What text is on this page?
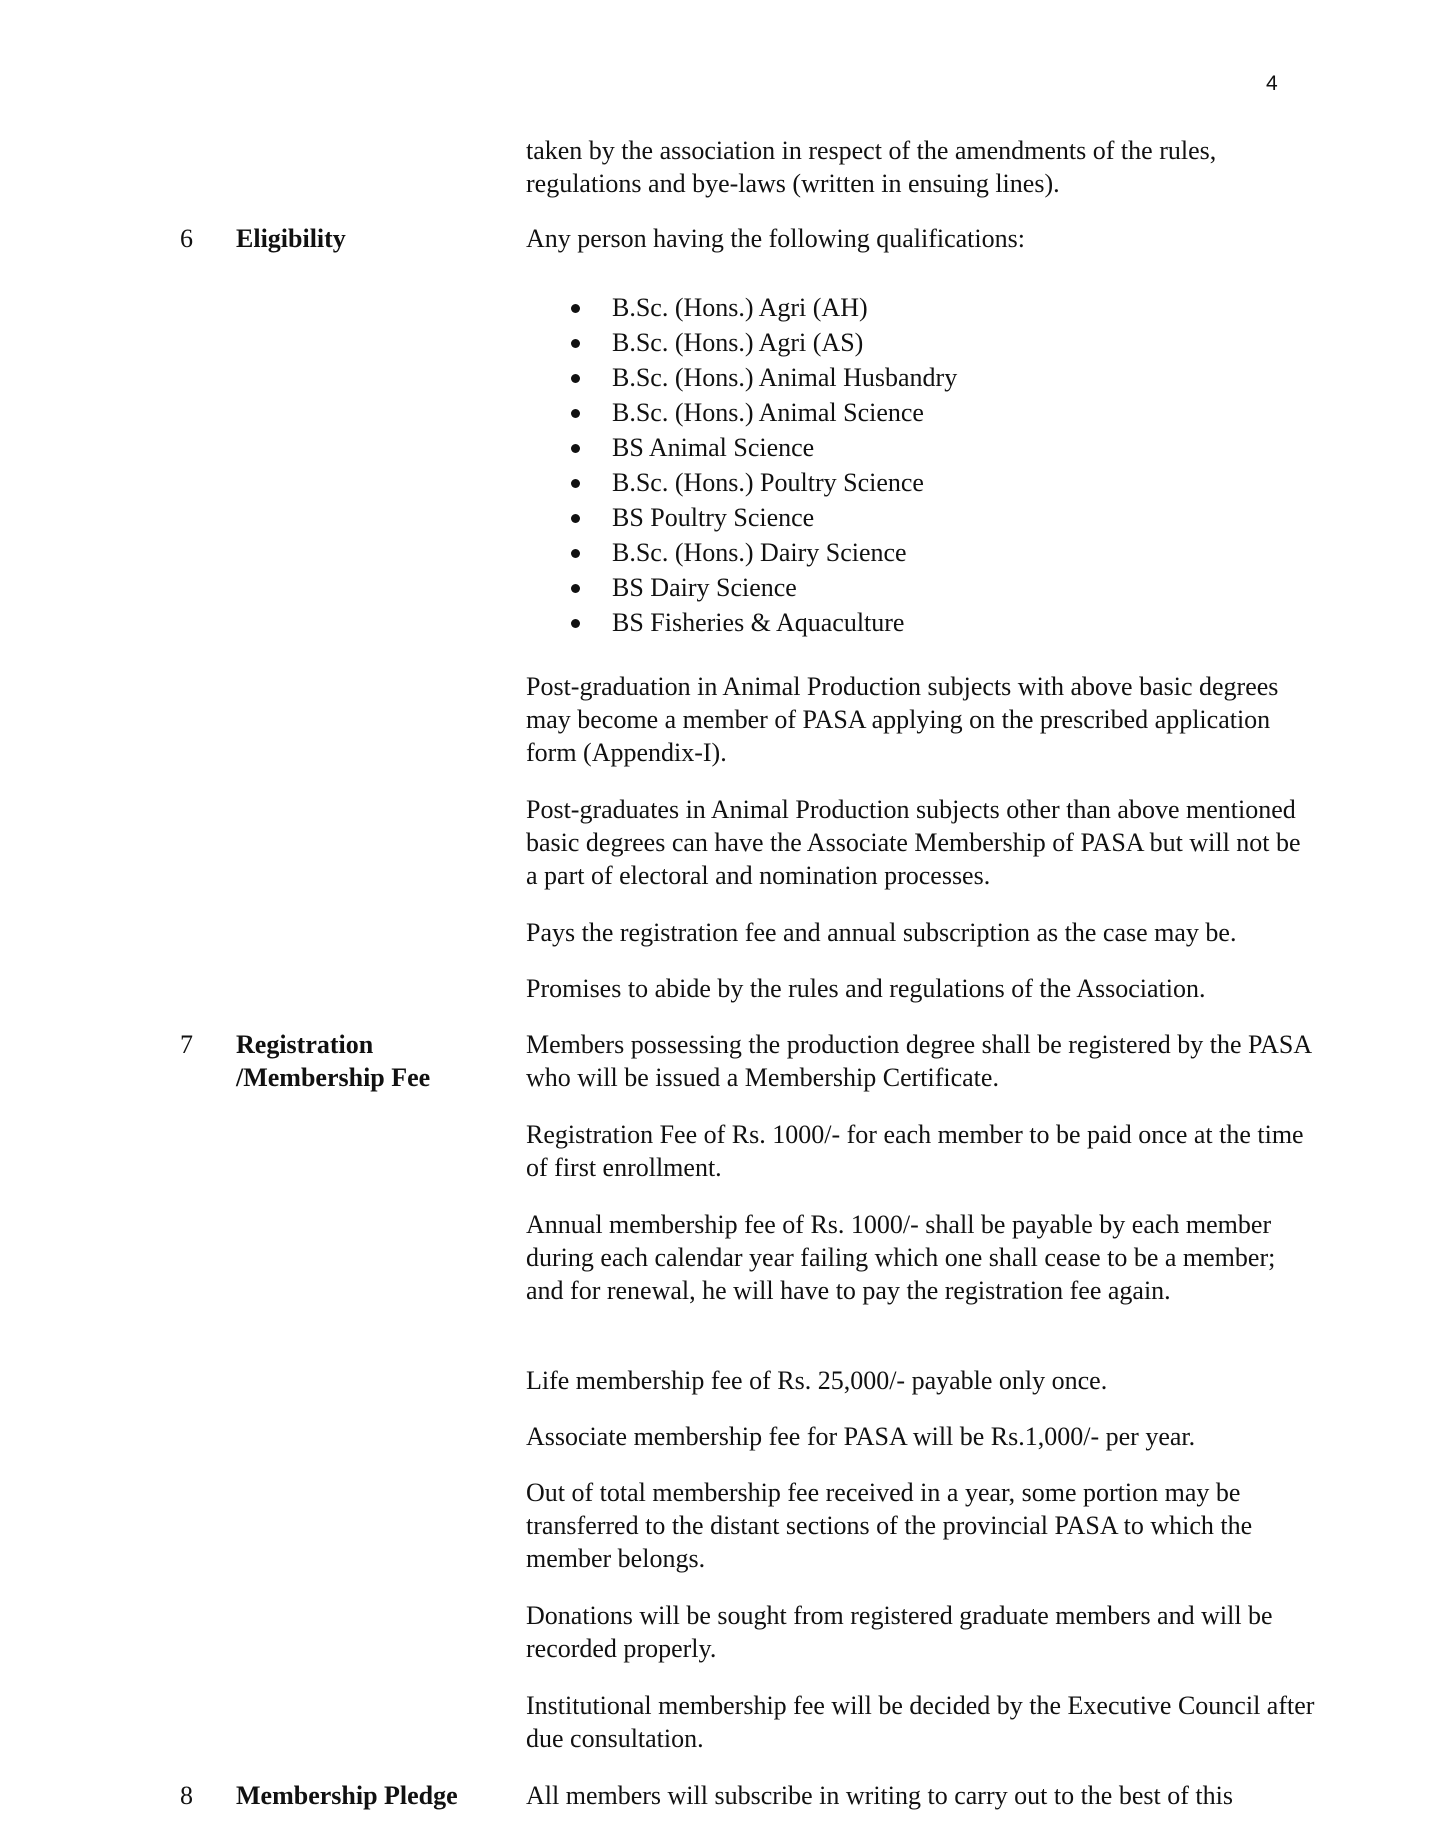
4

taken by the association in respect of the amendments of the rules, regulations and bye-laws (written in ensuing lines).

6 Eligibility	Any person having the following qualifications:

B.Sc. (Hons.) Agri (AH)
B.Sc. (Hons.) Agri (AS)
B.Sc. (Hons.) Animal Husbandry
B.Sc. (Hons.) Animal Science
BS Animal Science
B.Sc. (Hons.) Poultry Science
BS Poultry Science
B.Sc. (Hons.) Dairy Science
BS Dairy Science
BS Fisheries & Aquaculture

Post-graduation in Animal Production subjects with above basic degrees may become a member of PASA applying on the prescribed application form (Appendix-I).

Post-graduates in Animal Production subjects other than above mentioned basic degrees can have the Associate Membership of PASA but will not be a part of electoral and nomination processes.

Pays the registration fee and annual subscription as the case may be.

Promises to abide by the rules and regulations of the Association.

7 Registration /Membership Fee

Members possessing the production degree shall be registered by the PASA who will be issued a Membership Certificate.

Registration Fee of Rs. 1000/- for each member to be paid once at the time of first enrollment.

Annual membership fee of Rs. 1000/- shall be payable by each member during each calendar year failing which one shall cease to be a member; and for renewal, he will have to pay the registration fee again.

Life membership fee of Rs. 25,000/- payable only once.

Associate membership fee for PASA will be Rs.1,000/- per year.

Out of total membership fee received in a year, some portion may be transferred to the distant sections of the provincial PASA to which the member belongs.

Donations will be sought from registered graduate members and will be recorded properly.

Institutional membership fee will be decided by the Executive Council after due consultation.

8 Membership Pledge	All members will subscribe in writing to carry out to the best of this
